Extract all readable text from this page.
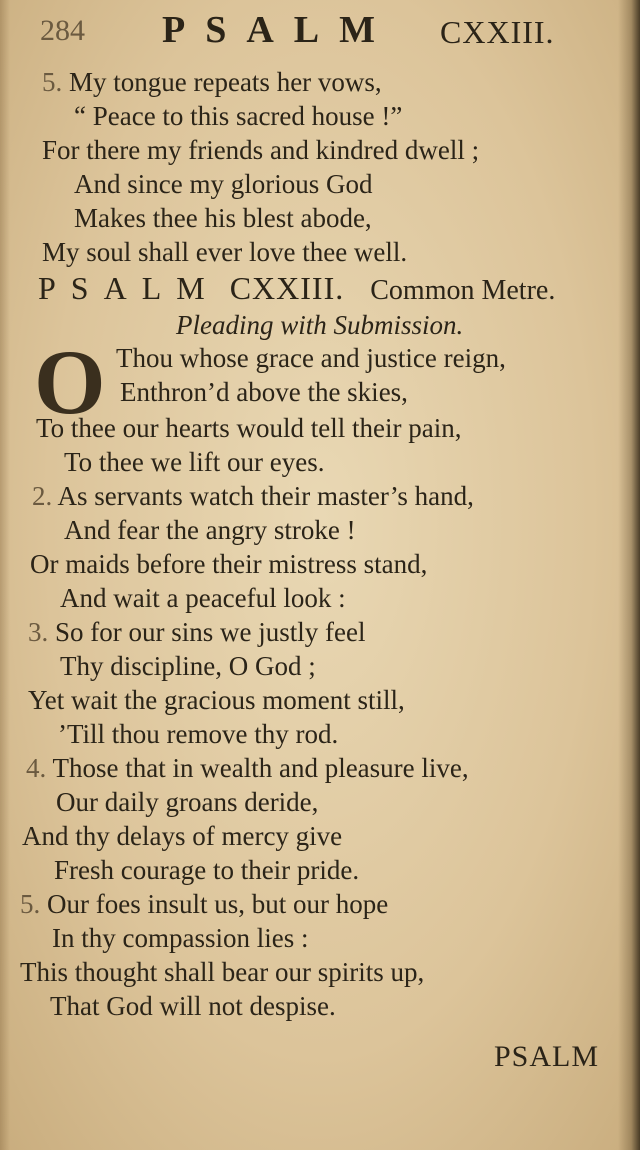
284 PSALM CXXIII.
5. My tongue repeats her vows,
“ Peace to this sacred house !”
For there my friends and kindred dwell ;
And since my glorious God
Makes thee his blest abode,
My soul shall ever love thee well.
PSALM CXXIII. Common Metre.
Pleading with Submission.
O Thou whose grace and justice reign,
Enthron’d above the skies,
To thee our hearts would tell their pain,
To thee we lift our eyes.
2. As servants watch their master’s hand,
And fear the angry stroke !
Or maids before their mistress stand,
And wait a peaceful look :
3. So for our sins we justly feel
Thy discipline, O God ;
Yet wait the gracious moment still,
’Till thou remove thy rod.
4. Those that in wealth and pleasure live,
Our daily groans deride,
And thy delays of mercy give
Fresh courage to their pride.
5. Our foes insult us, but our hope
In thy compassion lies :
This thought shall bear our spirits up,
That God will not despise.
PSALM
